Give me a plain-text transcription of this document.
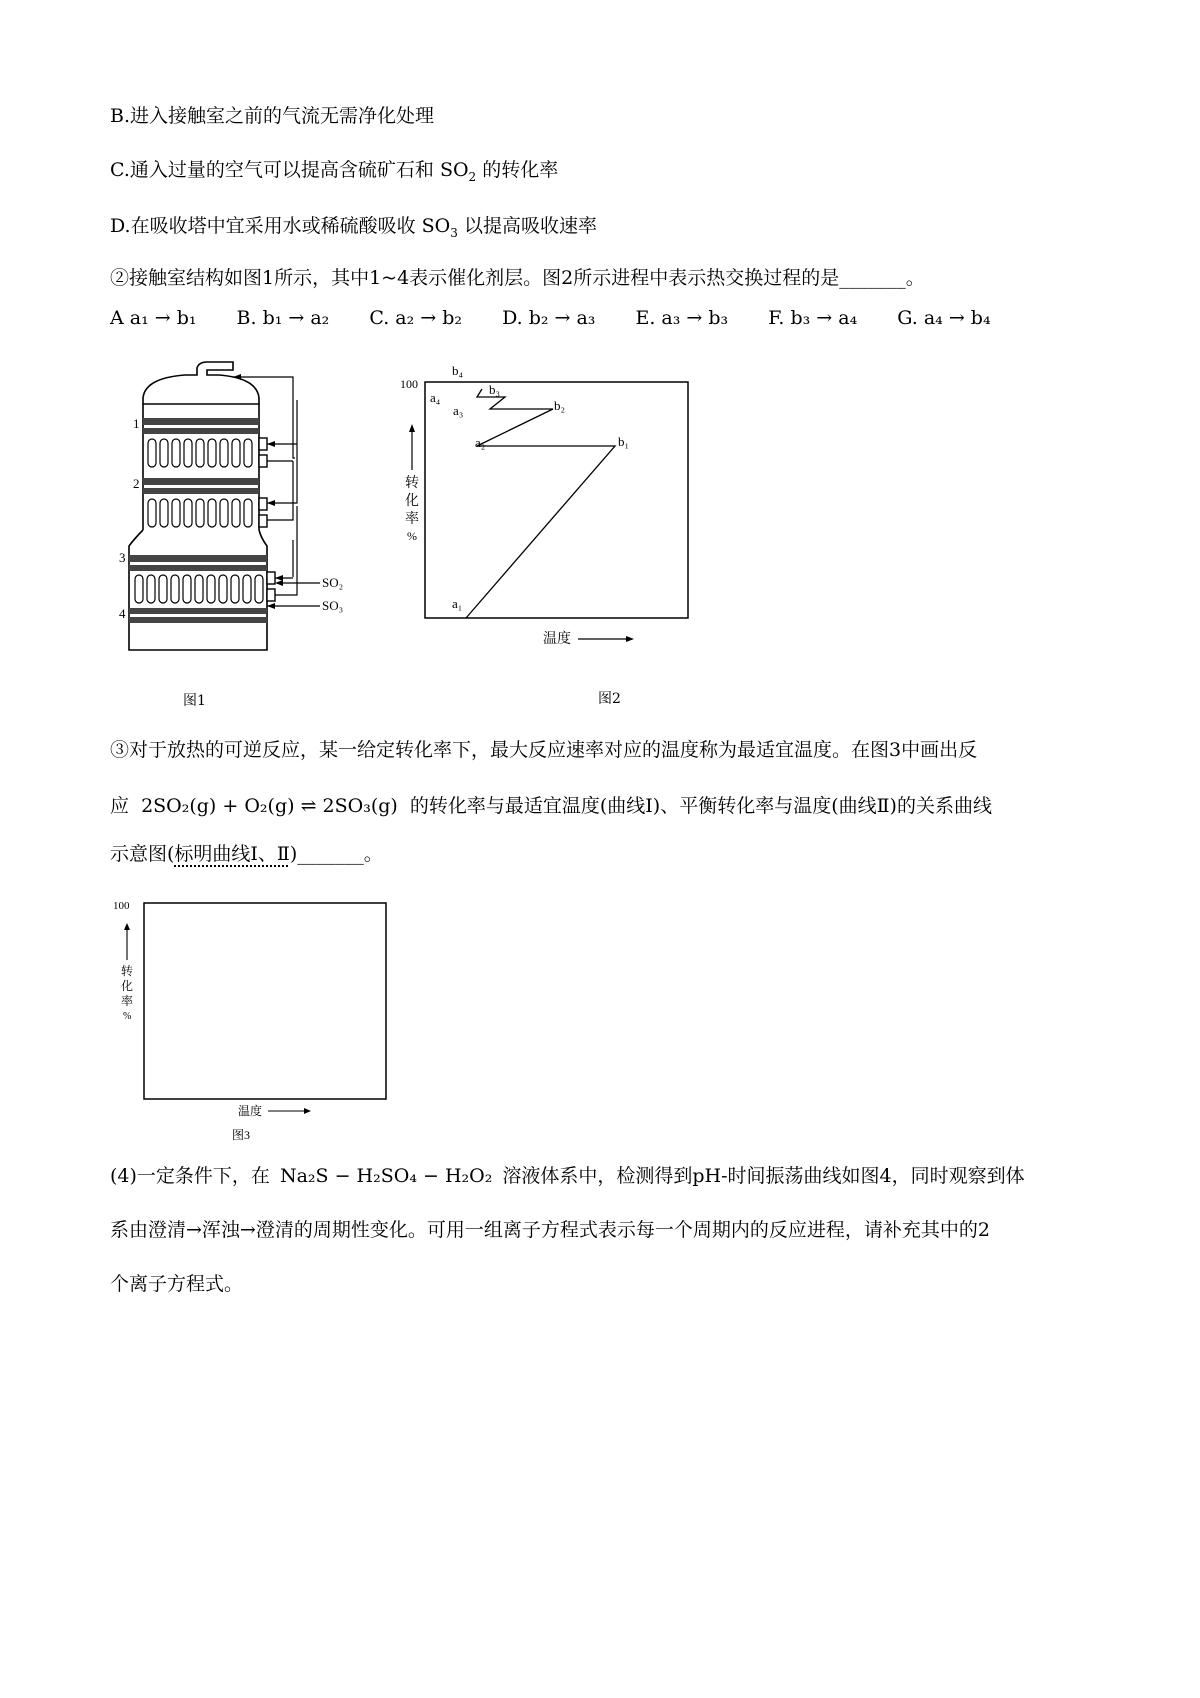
B.进入接触室之前的气流无需净化处理
C.通入过量的空气可以提高含硫矿石和 $SO_2$ 的转化率
D.在吸收塔中宜采用水或稀硫酸吸收 $SO_3$ 以提高吸收速率
②接触室结构如图1所示，其中1~4表示催化剂层。图2所示进程中表示热交换过程的是_______。
A a₁ → b₁ B. b₁ → a₂ C. a₂ → b₂ D. b₂ → a₃ E. a₃ → b₃ F. b₃ → a₄ G. a₄ → b₄
1
2
3
4
SO₂
SO₃
图1
100
转
化
率
%
a₁
b₁
a₂
b₂
a₃
b₃
a₄
b₄
温度
图2
③对于放热的可逆反应，某一给定转化率下，最大反应速率对应的温度称为最适宜温度。在图3中画出反
应 2SO₂(g) + O₂(g) ⇌ 2SO₃(g) 的转化率与最适宜温度(曲线Ⅰ)、平衡转化率与温度(曲线Ⅱ)的关系曲线
示意图(标明曲线Ⅰ、Ⅱ)_______。
100
转
化
率
%
温度
图3
(4)一定条件下，在 Na₂S − H₂SO₄ − H₂O₂ 溶液体系中，检测得到pH-时间振荡曲线如图4，同时观察到体
系由澄清→浑浊→澄清的周期性变化。可用一组离子方程式表示每一个周期内的反应进程，请补充其中的2
个离子方程式。
